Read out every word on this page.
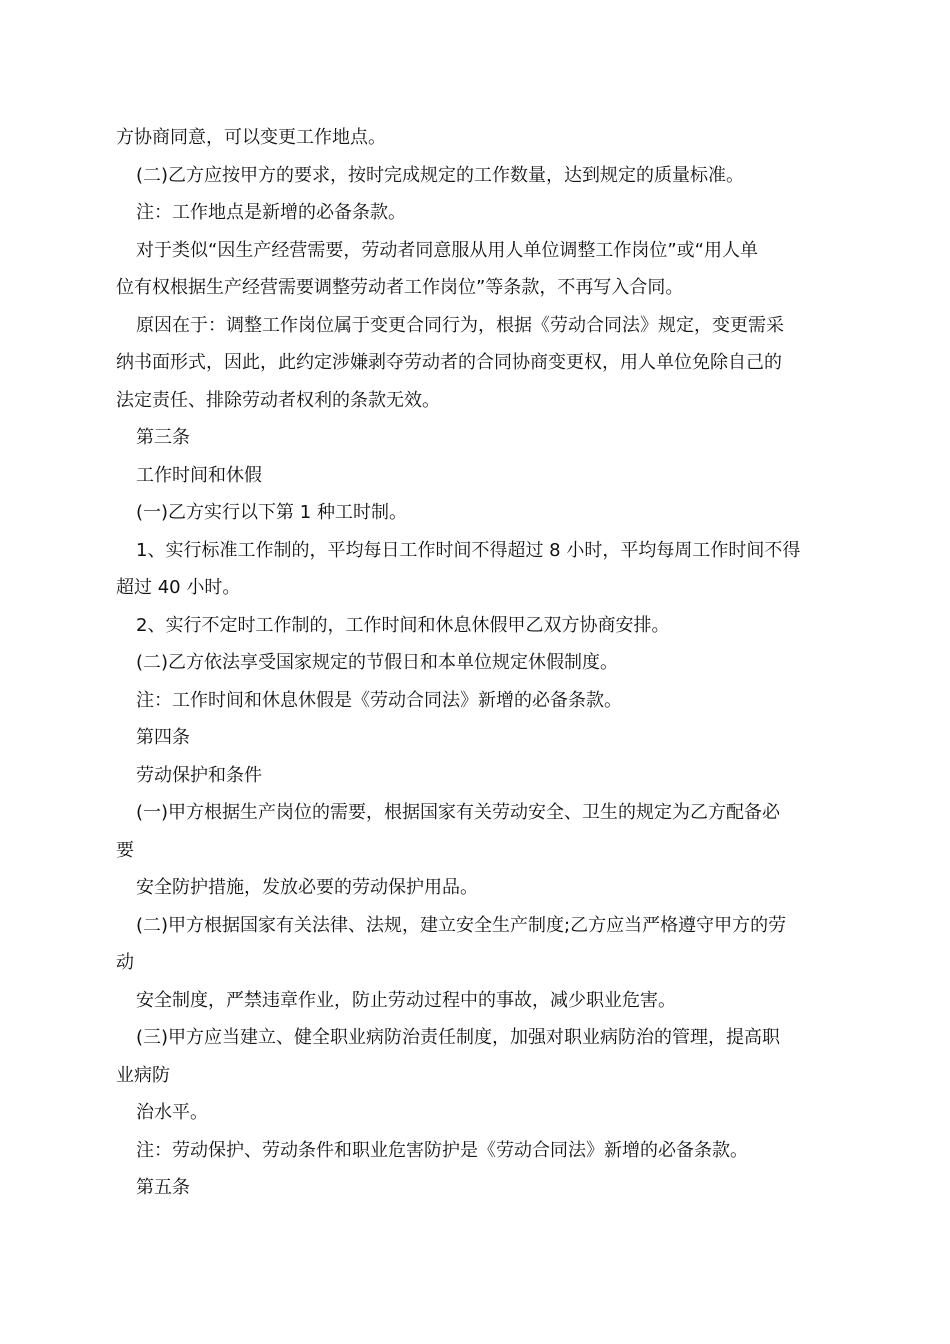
方协商同意，可以变更工作地点。
(二)乙方应按甲方的要求，按时完成规定的工作数量，达到规定的质量标准。
注：工作地点是新增的必备条款。
对于类似“因生产经营需要，劳动者同意服从用人单位调整工作岗位”或“用人单
位有权根据生产经营需要调整劳动者工作岗位”等条款，不再写入合同。
原因在于：调整工作岗位属于变更合同行为，根据《劳动合同法》规定，变更需采
纳书面形式，因此，此约定涉嫌剥夺劳动者的合同协商变更权，用人单位免除自己的
法定责任、排除劳动者权利的条款无效。
第三条
工作时间和休假
(一)乙方实行以下第 1 种工时制。
1、实行标准工作制的，平均每日工作时间不得超过 8 小时，平均每周工作时间不得
超过 40 小时。
2、实行不定时工作制的，工作时间和休息休假甲乙双方协商安排。
(二)乙方依法享受国家规定的节假日和本单位规定休假制度。
注：工作时间和休息休假是《劳动合同法》新增的必备条款。
第四条
劳动保护和条件
(一)甲方根据生产岗位的需要，根据国家有关劳动安全、卫生的规定为乙方配备必
要
安全防护措施，发放必要的劳动保护用品。
(二)甲方根据国家有关法律、法规，建立安全生产制度;乙方应当严格遵守甲方的劳
动
安全制度，严禁违章作业，防止劳动过程中的事故，减少职业危害。
(三)甲方应当建立、健全职业病防治责任制度，加强对职业病防治的管理，提高职
业病防
治水平。
注：劳动保护、劳动条件和职业危害防护是《劳动合同法》新增的必备条款。
第五条
